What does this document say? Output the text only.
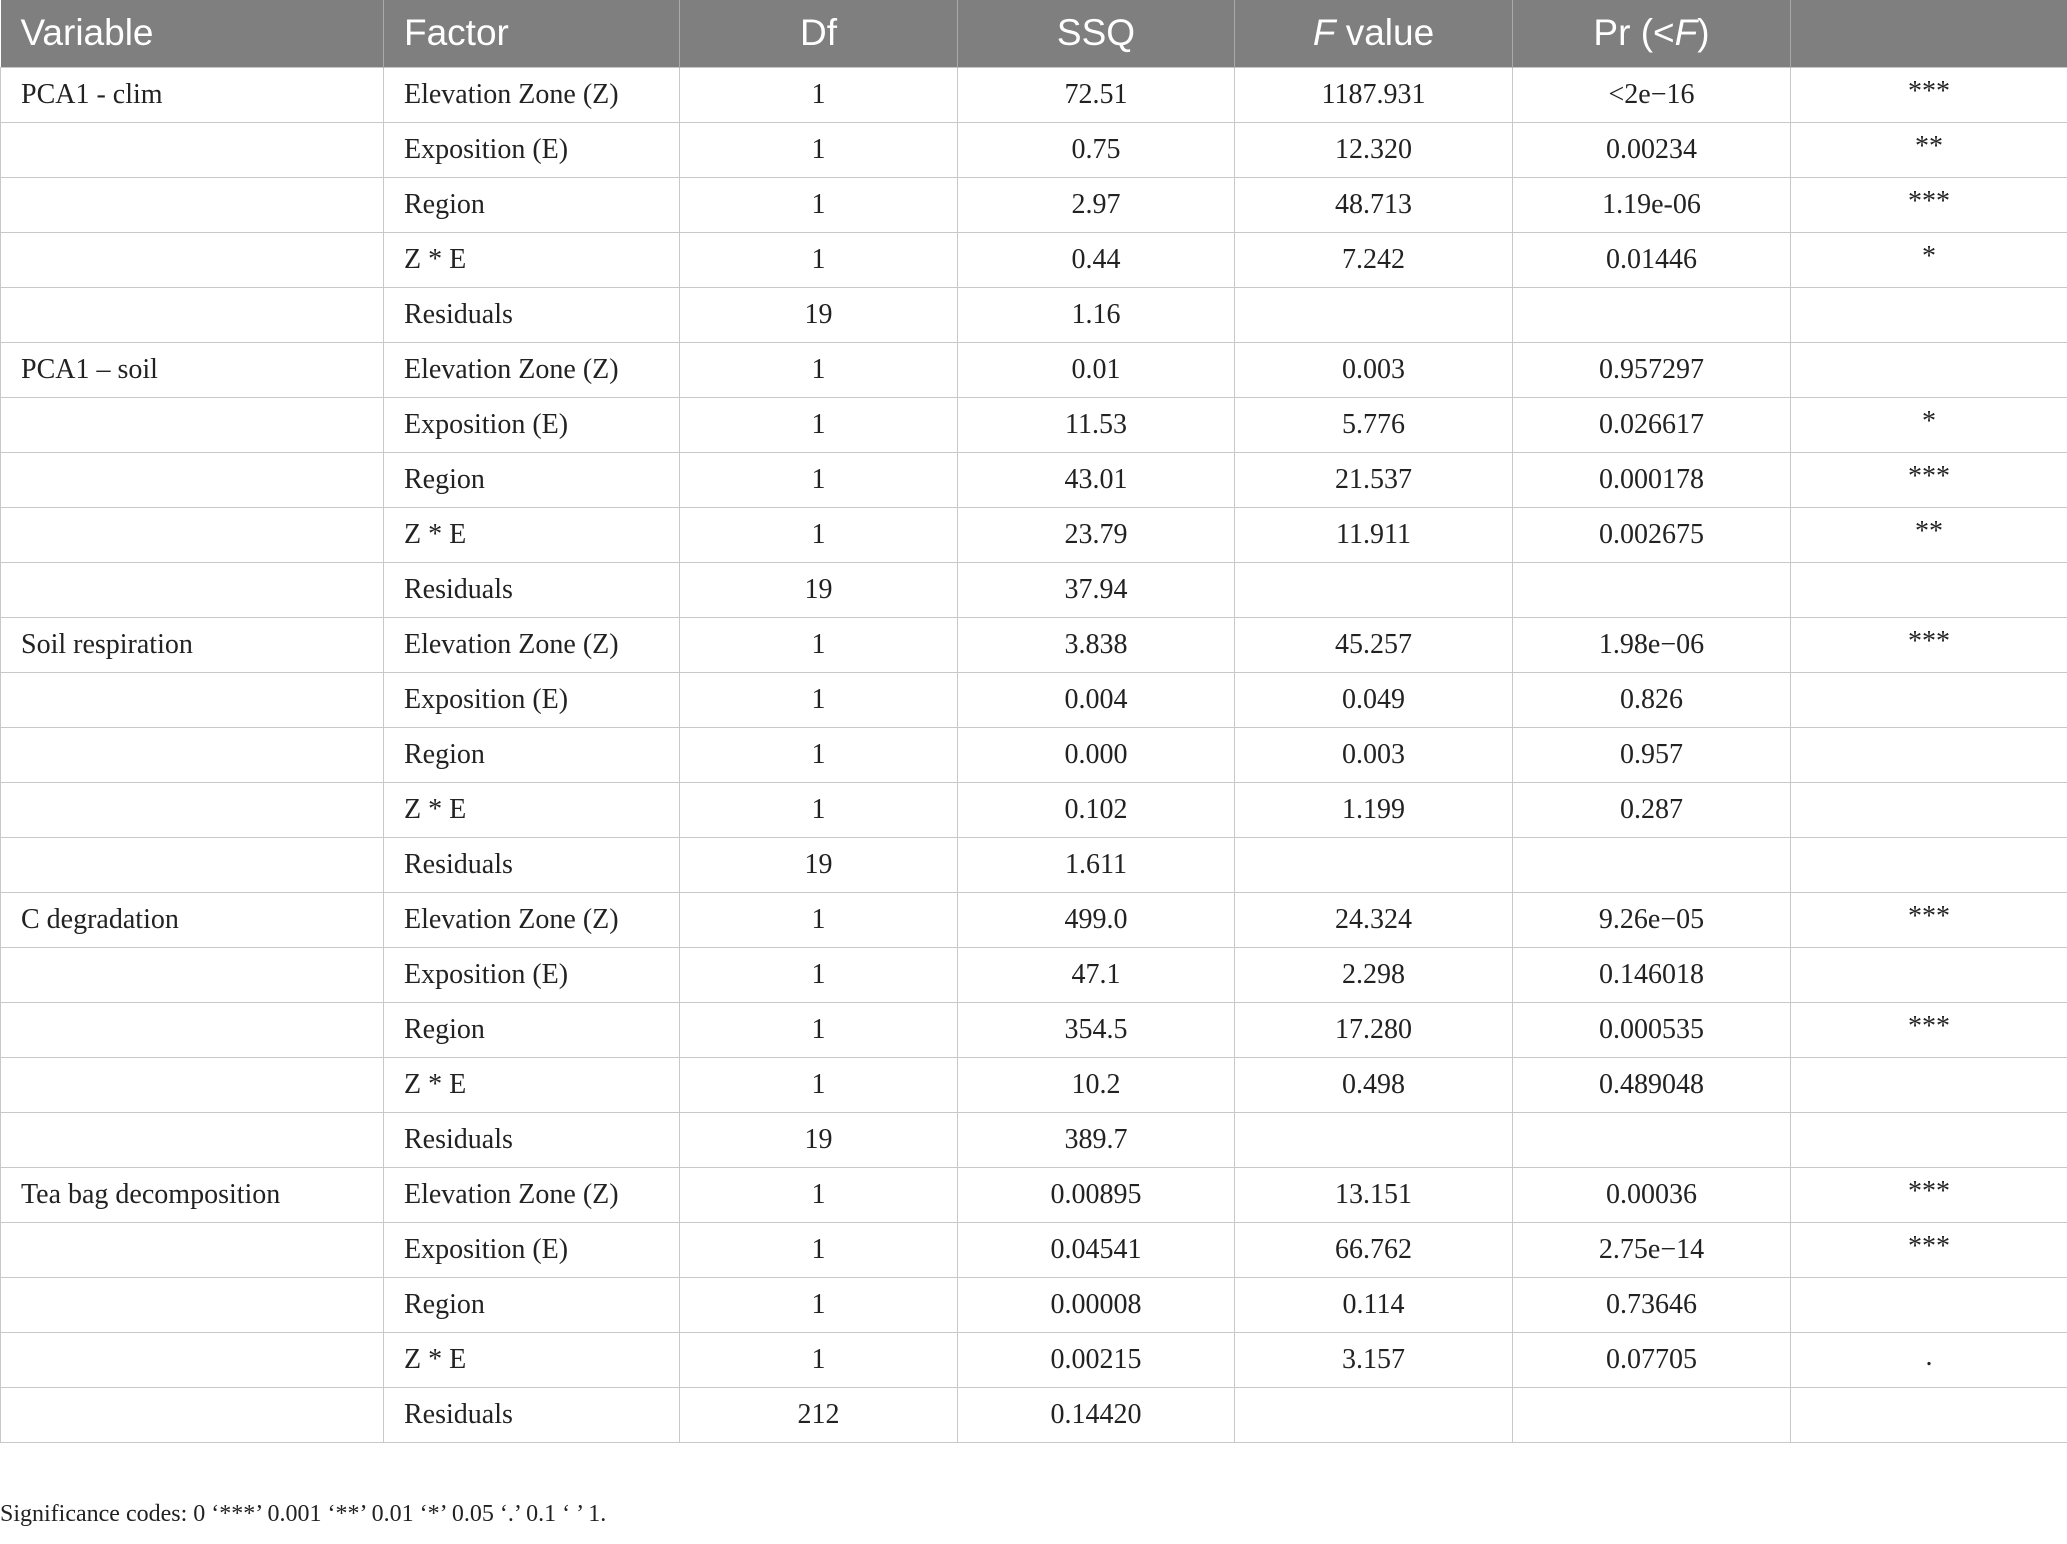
Variable	Factor	Df	SSQ	F value	Pr (<F)	
PCA1 - clim	Elevation Zone (Z)	1	72.51	1187.931	<2e−16	***
	Exposition (E)	1	0.75	12.320	0.00234	**
	Region	1	2.97	48.713	1.19e-06	***
	Z * E	1	0.44	7.242	0.01446	*
	Residuals	19	1.16			
PCA1 – soil	Elevation Zone (Z)	1	0.01	0.003	0.957297	
	Exposition (E)	1	11.53	5.776	0.026617	*
	Region	1	43.01	21.537	0.000178	***
	Z * E	1	23.79	11.911	0.002675	**
	Residuals	19	37.94			
Soil respiration	Elevation Zone (Z)	1	3.838	45.257	1.98e−06	***
	Exposition (E)	1	0.004	0.049	0.826	
	Region	1	0.000	0.003	0.957	
	Z * E	1	0.102	1.199	0.287	
	Residuals	19	1.611			
C degradation	Elevation Zone (Z)	1	499.0	24.324	9.26e−05	***
	Exposition (E)	1	47.1	2.298	0.146018	
	Region	1	354.5	17.280	0.000535	***
	Z * E	1	10.2	0.498	0.489048	
	Residuals	19	389.7			
Tea bag decomposition	Elevation Zone (Z)	1	0.00895	13.151	0.00036	***
	Exposition (E)	1	0.04541	66.762	2.75e−14	***
	Region	1	0.00008	0.114	0.73646	
	Z * E	1	0.00215	3.157	0.07705	.
	Residuals	212	0.14420			
Significance codes: 0 ‘***’ 0.001 ‘**’ 0.01 ‘*’ 0.05 ‘.’ 0.1 ‘ ’ 1.
